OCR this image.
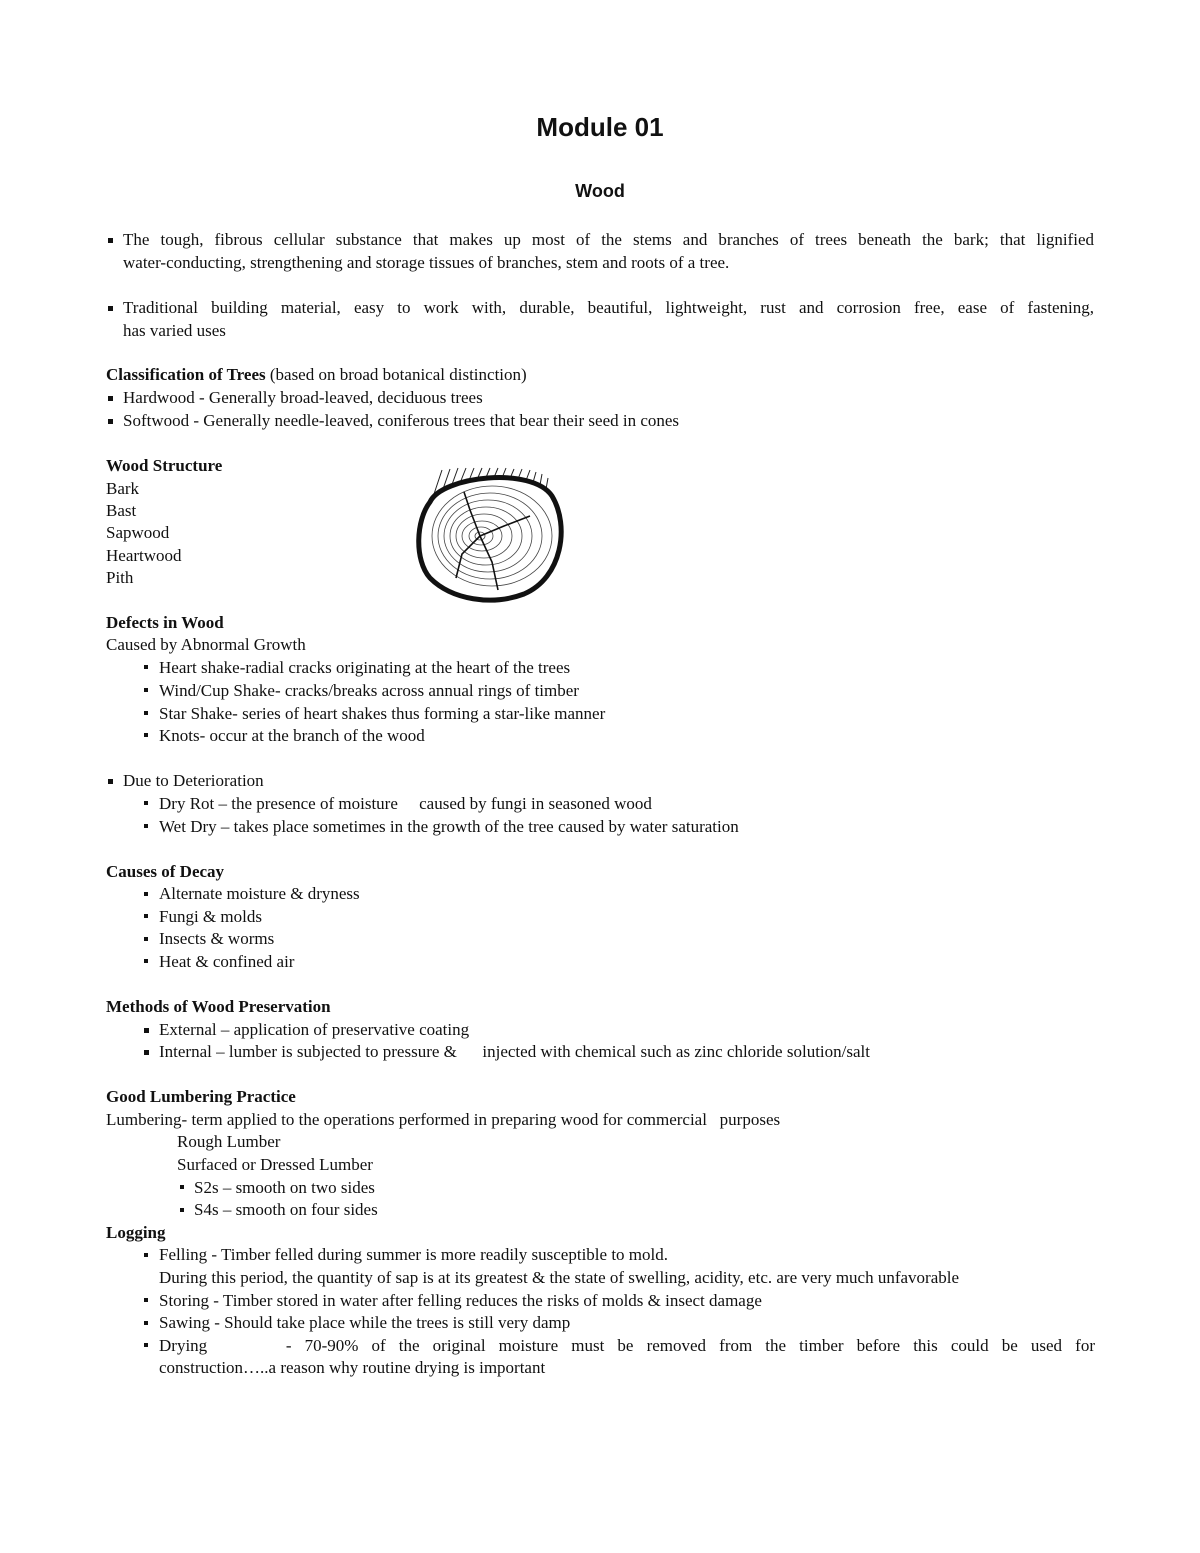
Module 01
Wood
The tough, fibrous cellular substance that makes up most of the stems and branches of trees beneath the bark; that lignified
water-conducting, strengthening and storage tissues of branches, stem and roots of a tree.
Traditional building material, easy to work with, durable, beautiful, lightweight, rust and corrosion free, ease of fastening,
has varied uses
Classification of Trees (based on broad botanical distinction)
Hardwood - Generally broad-leaved, deciduous trees
Softwood - Generally needle-leaved, coniferous trees that bear their seed in cones
Wood Structure
Bark
Bast
Sapwood
Heartwood
Pith
Defects in Wood
Caused by Abnormal Growth
Heart shake-radial cracks originating at the heart of the trees
Wind/Cup Shake- cracks/breaks across annual rings of timber
Star Shake- series of heart shakes thus forming a star-like manner
Knots- occur at the branch of the wood
Due to Deterioration
Dry Rot – the presence of moisture     caused by fungi in seasoned wood
Wet Dry – takes place sometimes in the growth of the tree caused by water saturation
Causes of Decay
Alternate moisture & dryness
Fungi & molds
Insects & worms
Heat & confined air
Methods of Wood Preservation
External – application of preservative coating
Internal – lumber is subjected to pressure &      injected with chemical such as zinc chloride solution/salt
Good Lumbering Practice
Lumbering- term applied to the operations performed in preparing wood for commercial   purposes
Rough Lumber
Surfaced or Dressed Lumber
S2s – smooth on two sides
S4s – smooth on four sides
Logging
Felling - Timber felled during summer is more readily susceptible to mold.
During this period, the quantity of sap is at its greatest & the state of swelling, acidity, etc. are very much unfavorable
Storing - Timber stored in water after felling reduces the risks of molds & insect damage
Sawing - Should take place while the trees is still very damp
Drying      - 70-90% of the original moisture must be removed from the timber before this could be used for
construction…..a reason why routine drying is important
